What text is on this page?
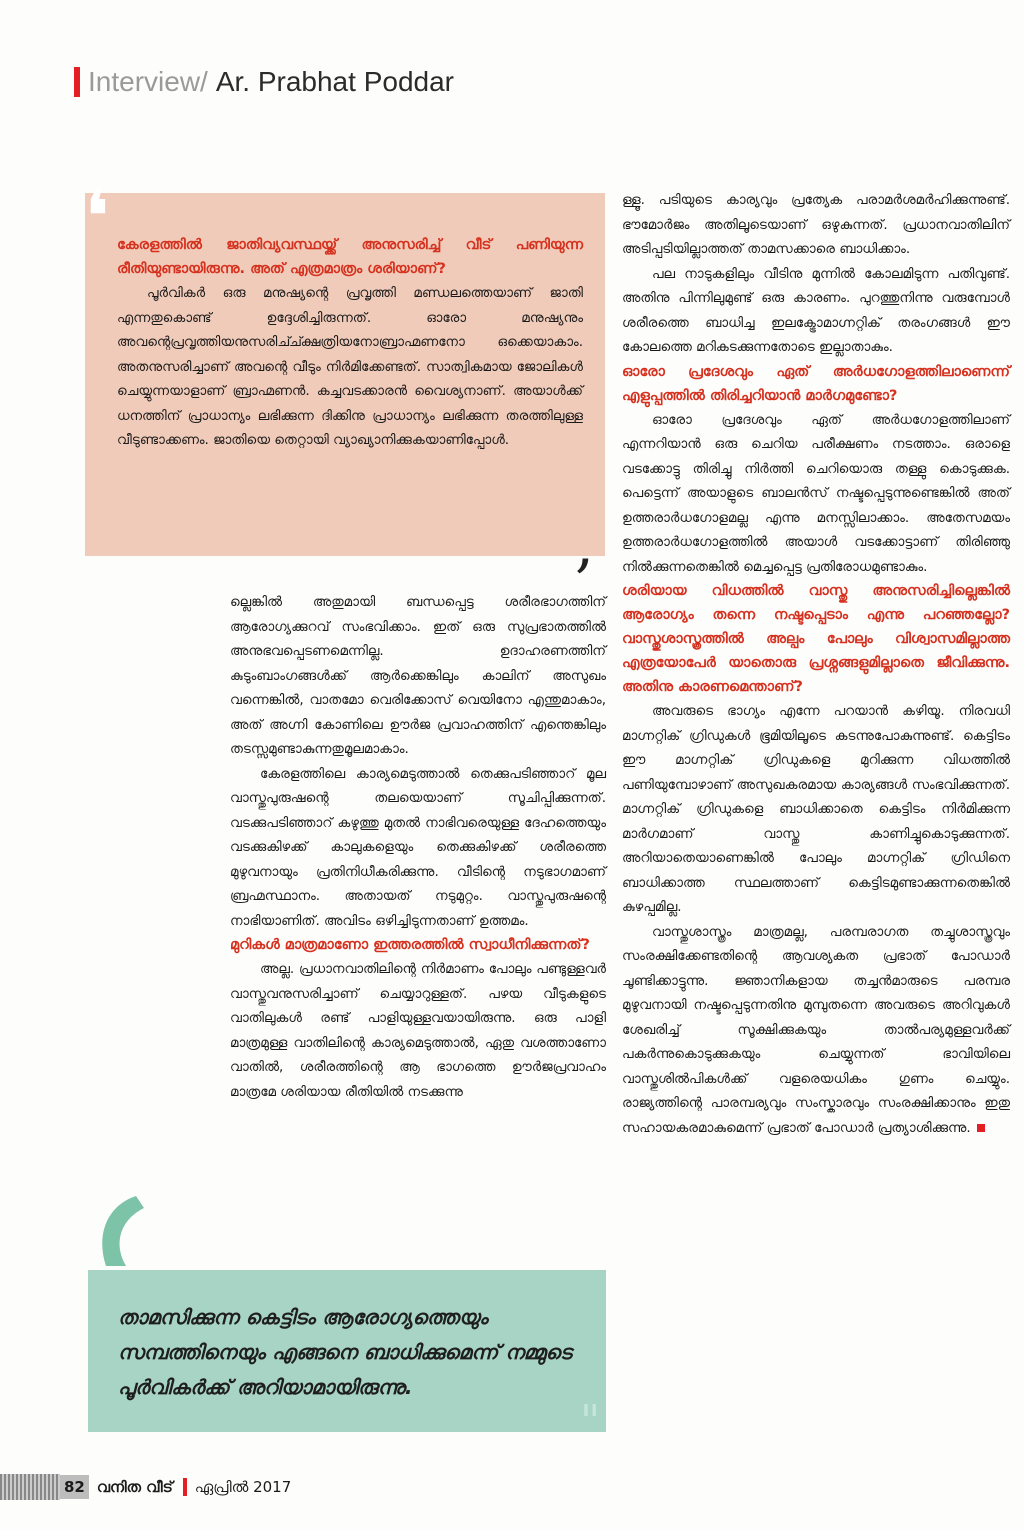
Interview/ Ar. Prabhat Poddar

കേരളത്തിൽ ജാതിവ്യവസ്ഥയ്ക്ക് അനുസരിച്ച് വീട് പണിയുന്ന രീതിയുണ്ടായിരുന്നു. അത് എത്രമാത്രം ശരിയാണ്?

പൂർവികർ ഒരു മനുഷ്യന്റെ പ്രവൃത്തി മണ്ഡലത്തെയാണ് ജാതി എന്നതുകൊണ്ട് ഉദ്ദേശിച്ചിരുന്നത്. ഓരോ മനുഷ്യനും അവന്റെപ്രവൃത്തിയനുസരിച്ച്ക്ഷത്രിയനോബ്രാഹ്മണനോ ഒക്കെയാകാം. അതനുസരിച്ചാണ് അവന്റെ വീടും നിർമിക്കേണ്ടത്. സാത്വികമായ ജോലികൾ ചെയ്യുന്നയാളാണ് ബ്രാഹ്മണൻ. കച്ചവടക്കാരൻ വൈശ്യനാണ്. അയാൾക്ക് ധനത്തിന് പ്രാധാന്യം ലഭിക്കുന്ന ദിക്കിനു പ്രാധാന്യം ലഭിക്കുന്ന തരത്തിലുള്ള വീടുണ്ടാക്കണം. ജാതിയെ തെറ്റായി വ്യാഖ്യാനിക്കുകയാണിപ്പോൾ.

❛
,

ല്ലെങ്കിൽ അതുമായി ബന്ധപ്പെട്ട ശരീരഭാഗത്തിന് ആരോഗ്യക്കുറവ് സംഭവിക്കാം. ഇത് ഒരു സുപ്രഭാതത്തിൽ അനുഭവപ്പെടണമെന്നില്ല. ഉദാഹരണത്തിന് കുടുംബാംഗങ്ങൾക്ക് ആർക്കെങ്കിലും കാലിന് അസുഖം വന്നെങ്കിൽ, വാതമോ വെരിക്കോസ് വെയിനോ എന്തുമാകാം, അത് അഗ്നി കോണിലെ ഊർജ പ്രവാഹത്തിന് എന്തെങ്കിലും തടസ്സമുണ്ടാകുന്നതുമൂലമാകാം.

കേരളത്തിലെ കാര്യമെടുത്താൽ തെക്കുപടിഞ്ഞാറ് മൂല വാസ്തുപുരുഷന്റെ തലയെയാണ് സൂചിപ്പിക്കുന്നത്. വടക്കുപടിഞ്ഞാറ് കഴുത്തു മുതൽ നാഭിവരെയുള്ള ദേഹത്തെയും വടക്കുകിഴക്ക് കാലുകളെയും തെക്കുകിഴക്ക് ശരീരത്തെ മുഴുവനായും പ്രതിനിധീകരിക്കുന്നു. വീടിന്റെ നടുഭാഗമാണ് ബ്രഹ്മസ്ഥാനം. അതായത് നടുമുറ്റം. വാസ്തുപുരുഷന്റെ നാഭിയാണിത്. അവിടം ഒഴിച്ചിടുന്നതാണ് ഉത്തമം.

മുറികൾ മാത്രമാണോ ഇത്തരത്തിൽ സ്വാധീനിക്കുന്നത്?

അല്ല. പ്രധാനവാതിലിന്റെ നിർമാണം പോലും പണ്ടുള്ളവർ വാസ്തുവനുസരിച്ചാണ് ചെയ്യാറുള്ളത്. പഴയ വീടുകളുടെ വാതിലുകൾ രണ്ട് പാളിയുള്ളവയായിരുന്നു. ഒരു പാളി മാത്രമുള്ള വാതിലിന്റെ കാര്യമെടുത്താൽ, ഏതു വശത്താണോ വാതിൽ, ശരീരത്തിന്റെ ആ ഭാഗത്തെ ഊർജപ്രവാഹം മാത്രമേ ശരിയായ രീതിയിൽ നടക്കുന്നു

താമസിക്കുന്ന കെട്ടിടം ആരോഗ്യത്തെയും സമ്പത്തിനെയും എങ്ങനെ ബാധിക്കുമെന്ന് നമ്മുടെ പൂർവികർക്ക് അറിയാമായിരുന്നു.

"

ള്ളൂ. പടിയുടെ കാര്യവും പ്രത്യേക പരാമർശമർഹിക്കുന്നുണ്ട്. ഭൗമോർജം അതിലൂടെയാണ് ഒഴുകുന്നത്. പ്രധാനവാതിലിന് അടിപ്പടിയില്ലാത്തത് താമസക്കാരെ ബാധിക്കാം.

പല നാടുകളിലും വീടിനു മുന്നിൽ കോലമിടുന്ന പതിവുണ്ട്. അതിനു പിന്നിലുമുണ്ട് ഒരു കാരണം. പുറത്തുനിന്നു വരുമ്പോൾ ശരീരത്തെ ബാധിച്ച ഇലക്ട്രോമാഗ്നറ്റിക് തരംഗങ്ങൾ ഈ കോലത്തെ മറികടക്കുന്നതോടെ ഇല്ലാതാകും.

ഓരോ പ്രദേശവും ഏത് അർധഗോളത്തിലാണെന്ന് എളുപ്പത്തിൽ തിരിച്ചറിയാൻ മാർഗമുണ്ടോ?

ഓരോ പ്രദേശവും ഏത് അർധഗോളത്തിലാണ് എന്നറിയാൻ ഒരു ചെറിയ പരീക്ഷണം നടത്താം. ഒരാളെ വടക്കോട്ടു തിരിച്ചു നിർത്തി ചെറിയൊരു തള്ളു കൊടുക്കുക. പെട്ടെന്ന് അയാളുടെ ബാലൻസ് നഷ്ടപ്പെടുന്നുണ്ടെങ്കിൽ അത് ഉത്തരാർധഗോളമല്ല എന്നു മനസ്സിലാക്കാം. അതേസമയം ഉത്തരാർധഗോളത്തിൽ അയാൾ വടക്കോട്ടാണ് തിരിഞ്ഞു നിൽക്കുന്നതെങ്കിൽ മെച്ചപ്പെട്ട പ്രതിരോധമുണ്ടാകും.

ശരിയായ വിധത്തിൽ വാസ്തു അനുസരിച്ചില്ലെങ്കിൽ ആരോഗ്യം തന്നെ നഷ്ടപ്പെടാം എന്നു പറഞ്ഞല്ലോ? വാസ്തുശാസ്ത്രത്തിൽ അല്പം പോലും വിശ്വാസമില്ലാത്ത എത്രയോപേർ യാതൊരു പ്രശ്നങ്ങളുമില്ലാതെ ജീവിക്കുന്നു. അതിനു കാരണമെന്താണ്?

അവരുടെ ഭാഗ്യം എന്നേ പറയാൻ കഴിയൂ. നിരവധി മാഗ്നറ്റിക് ഗ്രിഡുകൾ ഭൂമിയിലൂടെ കടന്നുപോകുന്നുണ്ട്. കെട്ടിടം ഈ മാഗ്നറ്റിക് ഗ്രിഡുകളെ മുറിക്കുന്ന വിധത്തിൽ പണിയുമ്പോഴാണ് അസുഖകരമായ കാര്യങ്ങൾ സംഭവിക്കുന്നത്. മാഗ്നറ്റിക് ഗ്രിഡുകളെ ബാധിക്കാതെ കെട്ടിടം നിർമിക്കുന്ന മാർഗമാണ് വാസ്തു കാണിച്ചുകൊടുക്കുന്നത്. അറിയാതെയാണെങ്കിൽ പോലും മാഗ്നറ്റിക് ഗ്രിഡിനെ ബാധിക്കാത്ത സ്ഥലത്താണ് കെട്ടിടമുണ്ടാക്കുന്നതെങ്കിൽ കുഴപ്പമില്ല.

വാസ്തുശാസ്ത്രം മാത്രമല്ല, പരമ്പരാഗത തച്ചുശാസ്ത്രവും സംരക്ഷിക്കേണ്ടതിന്റെ ആവശ്യകത പ്രഭാത് പോഡാർ ചൂണ്ടിക്കാട്ടുന്നു. ജ്ഞാനികളായ തച്ചൻമാരുടെ പരമ്പര മുഴുവനായി നഷ്ടപ്പെടുന്നതിനു മുമ്പുതന്നെ അവരുടെ അറിവുകൾ ശേഖരിച്ച് സൂക്ഷിക്കുകയും താൽപര്യമുള്ളവർക്ക് പകർന്നുകൊടുക്കുകയും ചെയ്യുന്നത് ഭാവിയിലെ വാസ്തുശിൽപികൾക്ക് വളരെയധികം ഗുണം ചെയ്യും. രാജ്യത്തിന്റെ പാരമ്പര്യവും സംസ്കാരവും സംരക്ഷിക്കാനും ഇതു സഹായകരമാകുമെന്ന് പ്രഭാത് പോഡാർ പ്രത്യാശിക്കുന്നു.

82 വനിത വീട് ഏപ്രിൽ 2017
